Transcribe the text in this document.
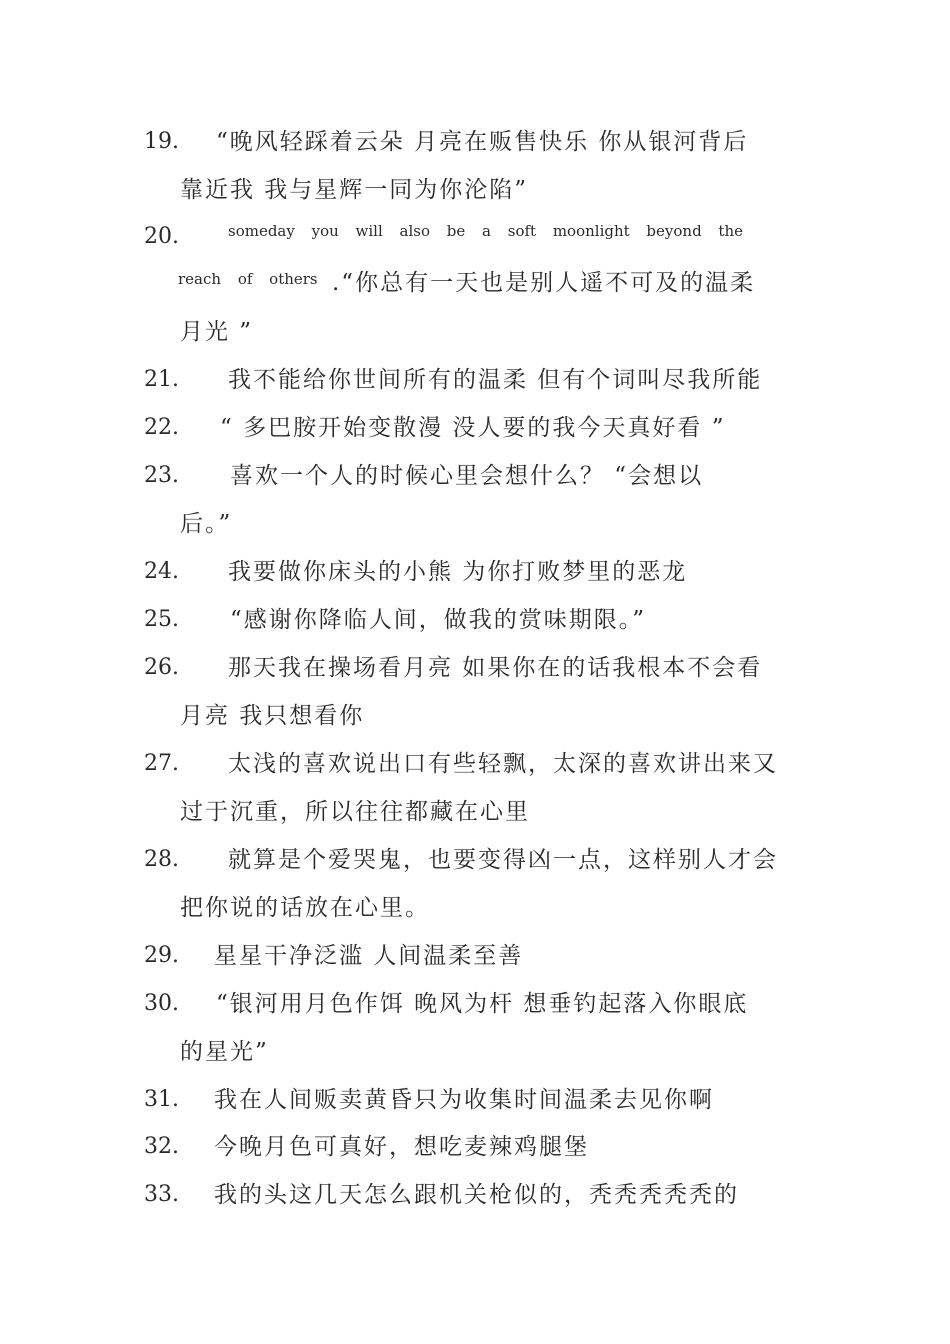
19. “晚风轻踩着云朵 月亮在贩售快乐 你从银河背后
靠近我 我与星辉一同为你沦陷”
20.	someday you will also be a soft moonlight beyond the
reach of others .“你总有一天也是别人遥不可及的温柔
月光 ”
21. 我不能给你世间所有的温柔 但有个词叫尽我所能
22. “ 多巴胺开始变散漫 没人要的我今天真好看 ”
23. 喜欢一个人的时候心里会想什么？ “会想以
后。”
24. 我要做你床头的小熊 为你打败梦里的恶龙
25. “感谢你降临人间，做我的赏味期限。”
26. 那天我在操场看月亮 如果你在的话我根本不会看
月亮 我只想看你
27. 太浅的喜欢说出口有些轻飘，太深的喜欢讲出来又
过于沉重，所以往往都藏在心里
28. 就算是个爱哭鬼，也要变得凶一点，这样别人才会
把你说的话放在心里。
29. 星星干净泛滥 人间温柔至善
30. “银河用月色作饵 晚风为杆 想垂钓起落入你眼底
的星光”
31. 我在人间贩卖黄昏只为收集时间温柔去见你啊
32. 今晚月色可真好，想吃麦辣鸡腿堡
33. 我的头这几天怎么跟机关枪似的，秃秃秃秃秃的
